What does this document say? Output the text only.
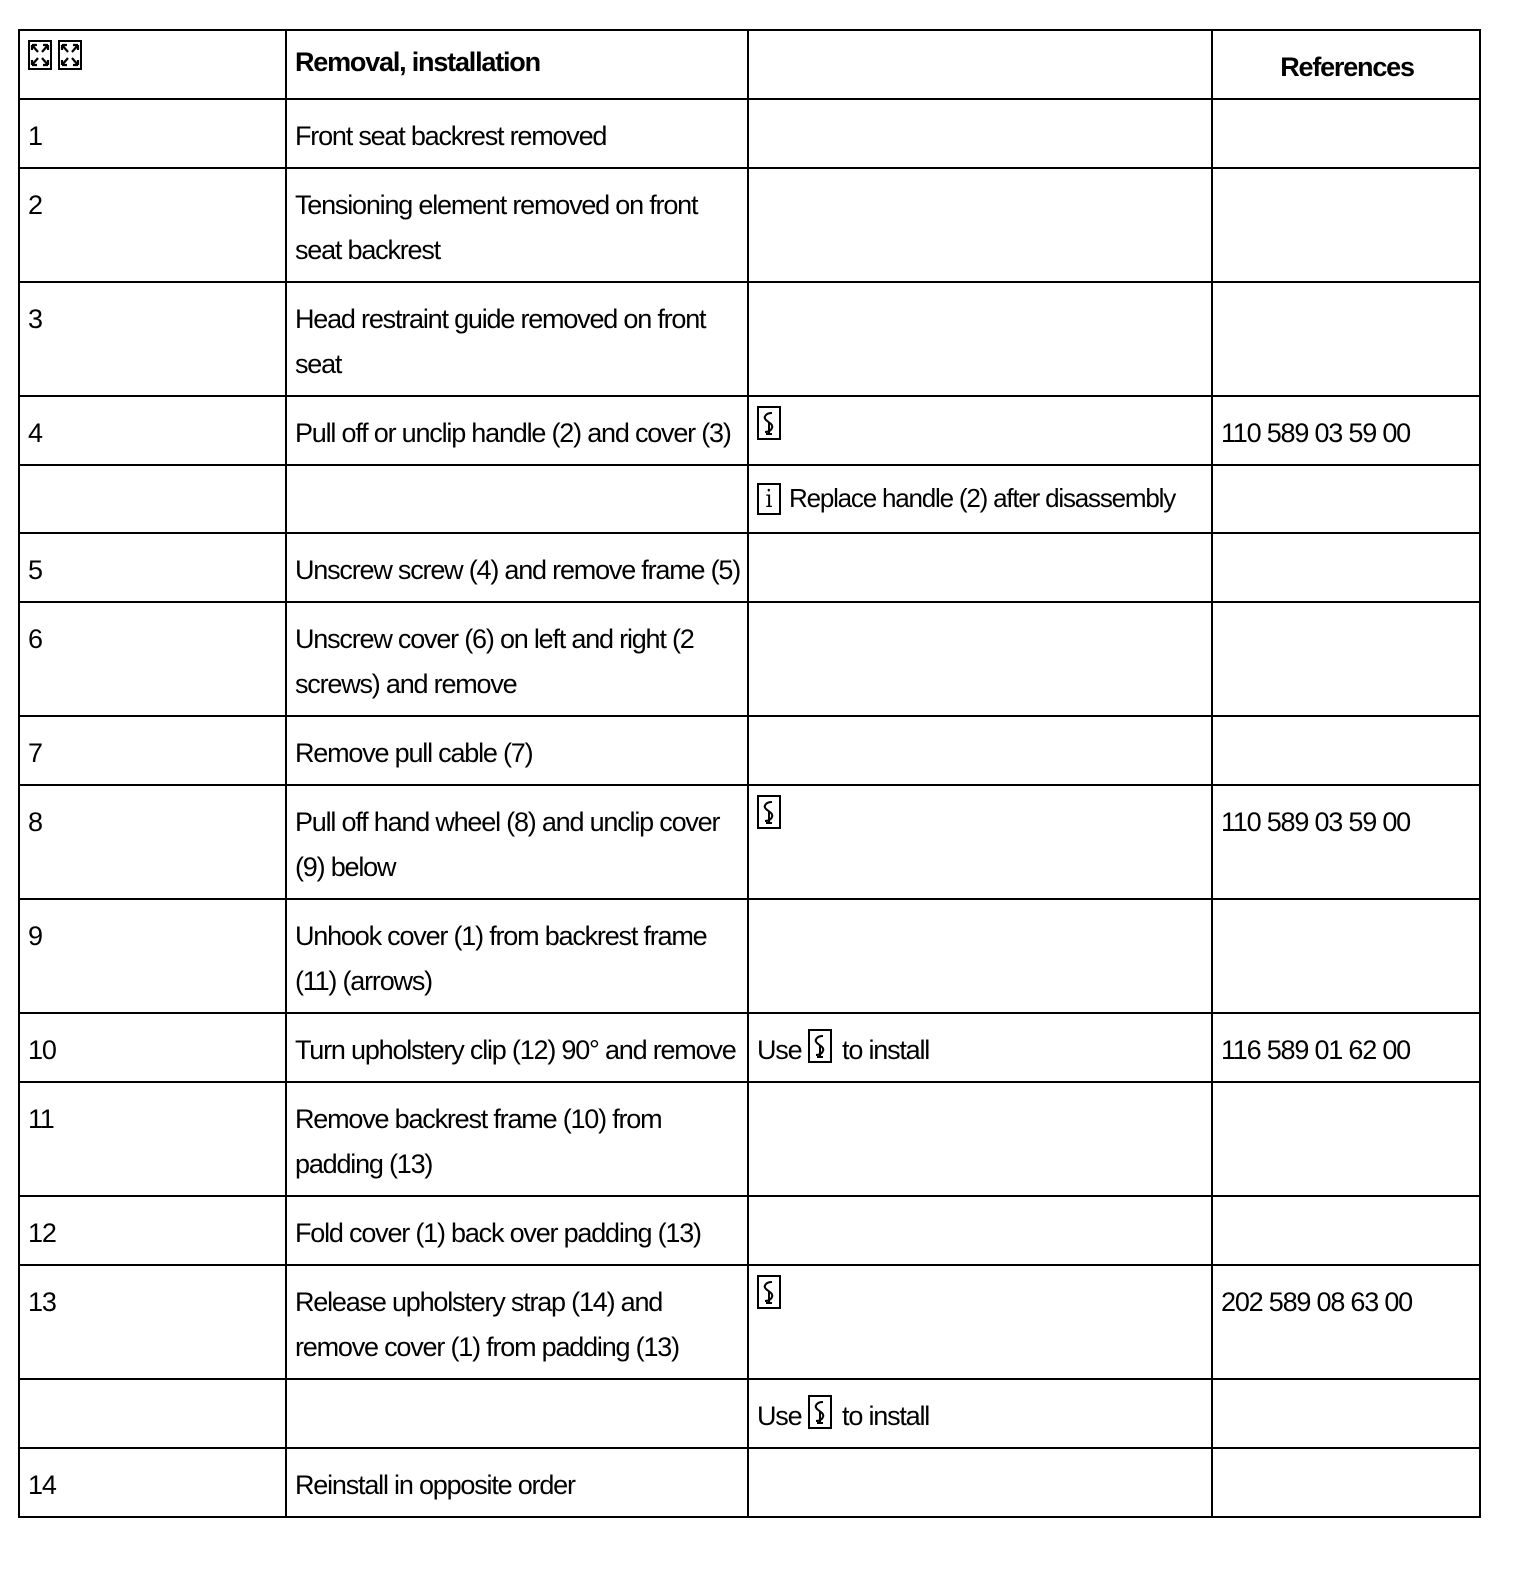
	Removal, installation		References
1	Front seat backrest removed		
2	Tensioning element removed on front seat backrest		
3	Head restraint guide removed on front seat		
4	Pull off or unclip handle (2) and cover (3)		110 589 03 59 00
		i Replace handle (2) after disassembly	
5	Unscrew screw (4) and remove frame (5)		
6	Unscrew cover (6) on left and right (2 screws) and remove		
7	Remove pull cable (7)		
8	Pull off hand wheel (8) and unclip cover (9) below		110 589 03 59 00
9	Unhook cover (1) from backrest frame (11) (arrows)		
10	Turn upholstery clip (12) 90° and remove	Use to install	116 589 01 62 00
11	Remove backrest frame (10) from padding (13)		
12	Fold cover (1) back over padding (13)		
13	Release upholstery strap (14) and remove cover (1) from padding (13)		202 589 08 63 00
		Use to install	
14	Reinstall in opposite order		
